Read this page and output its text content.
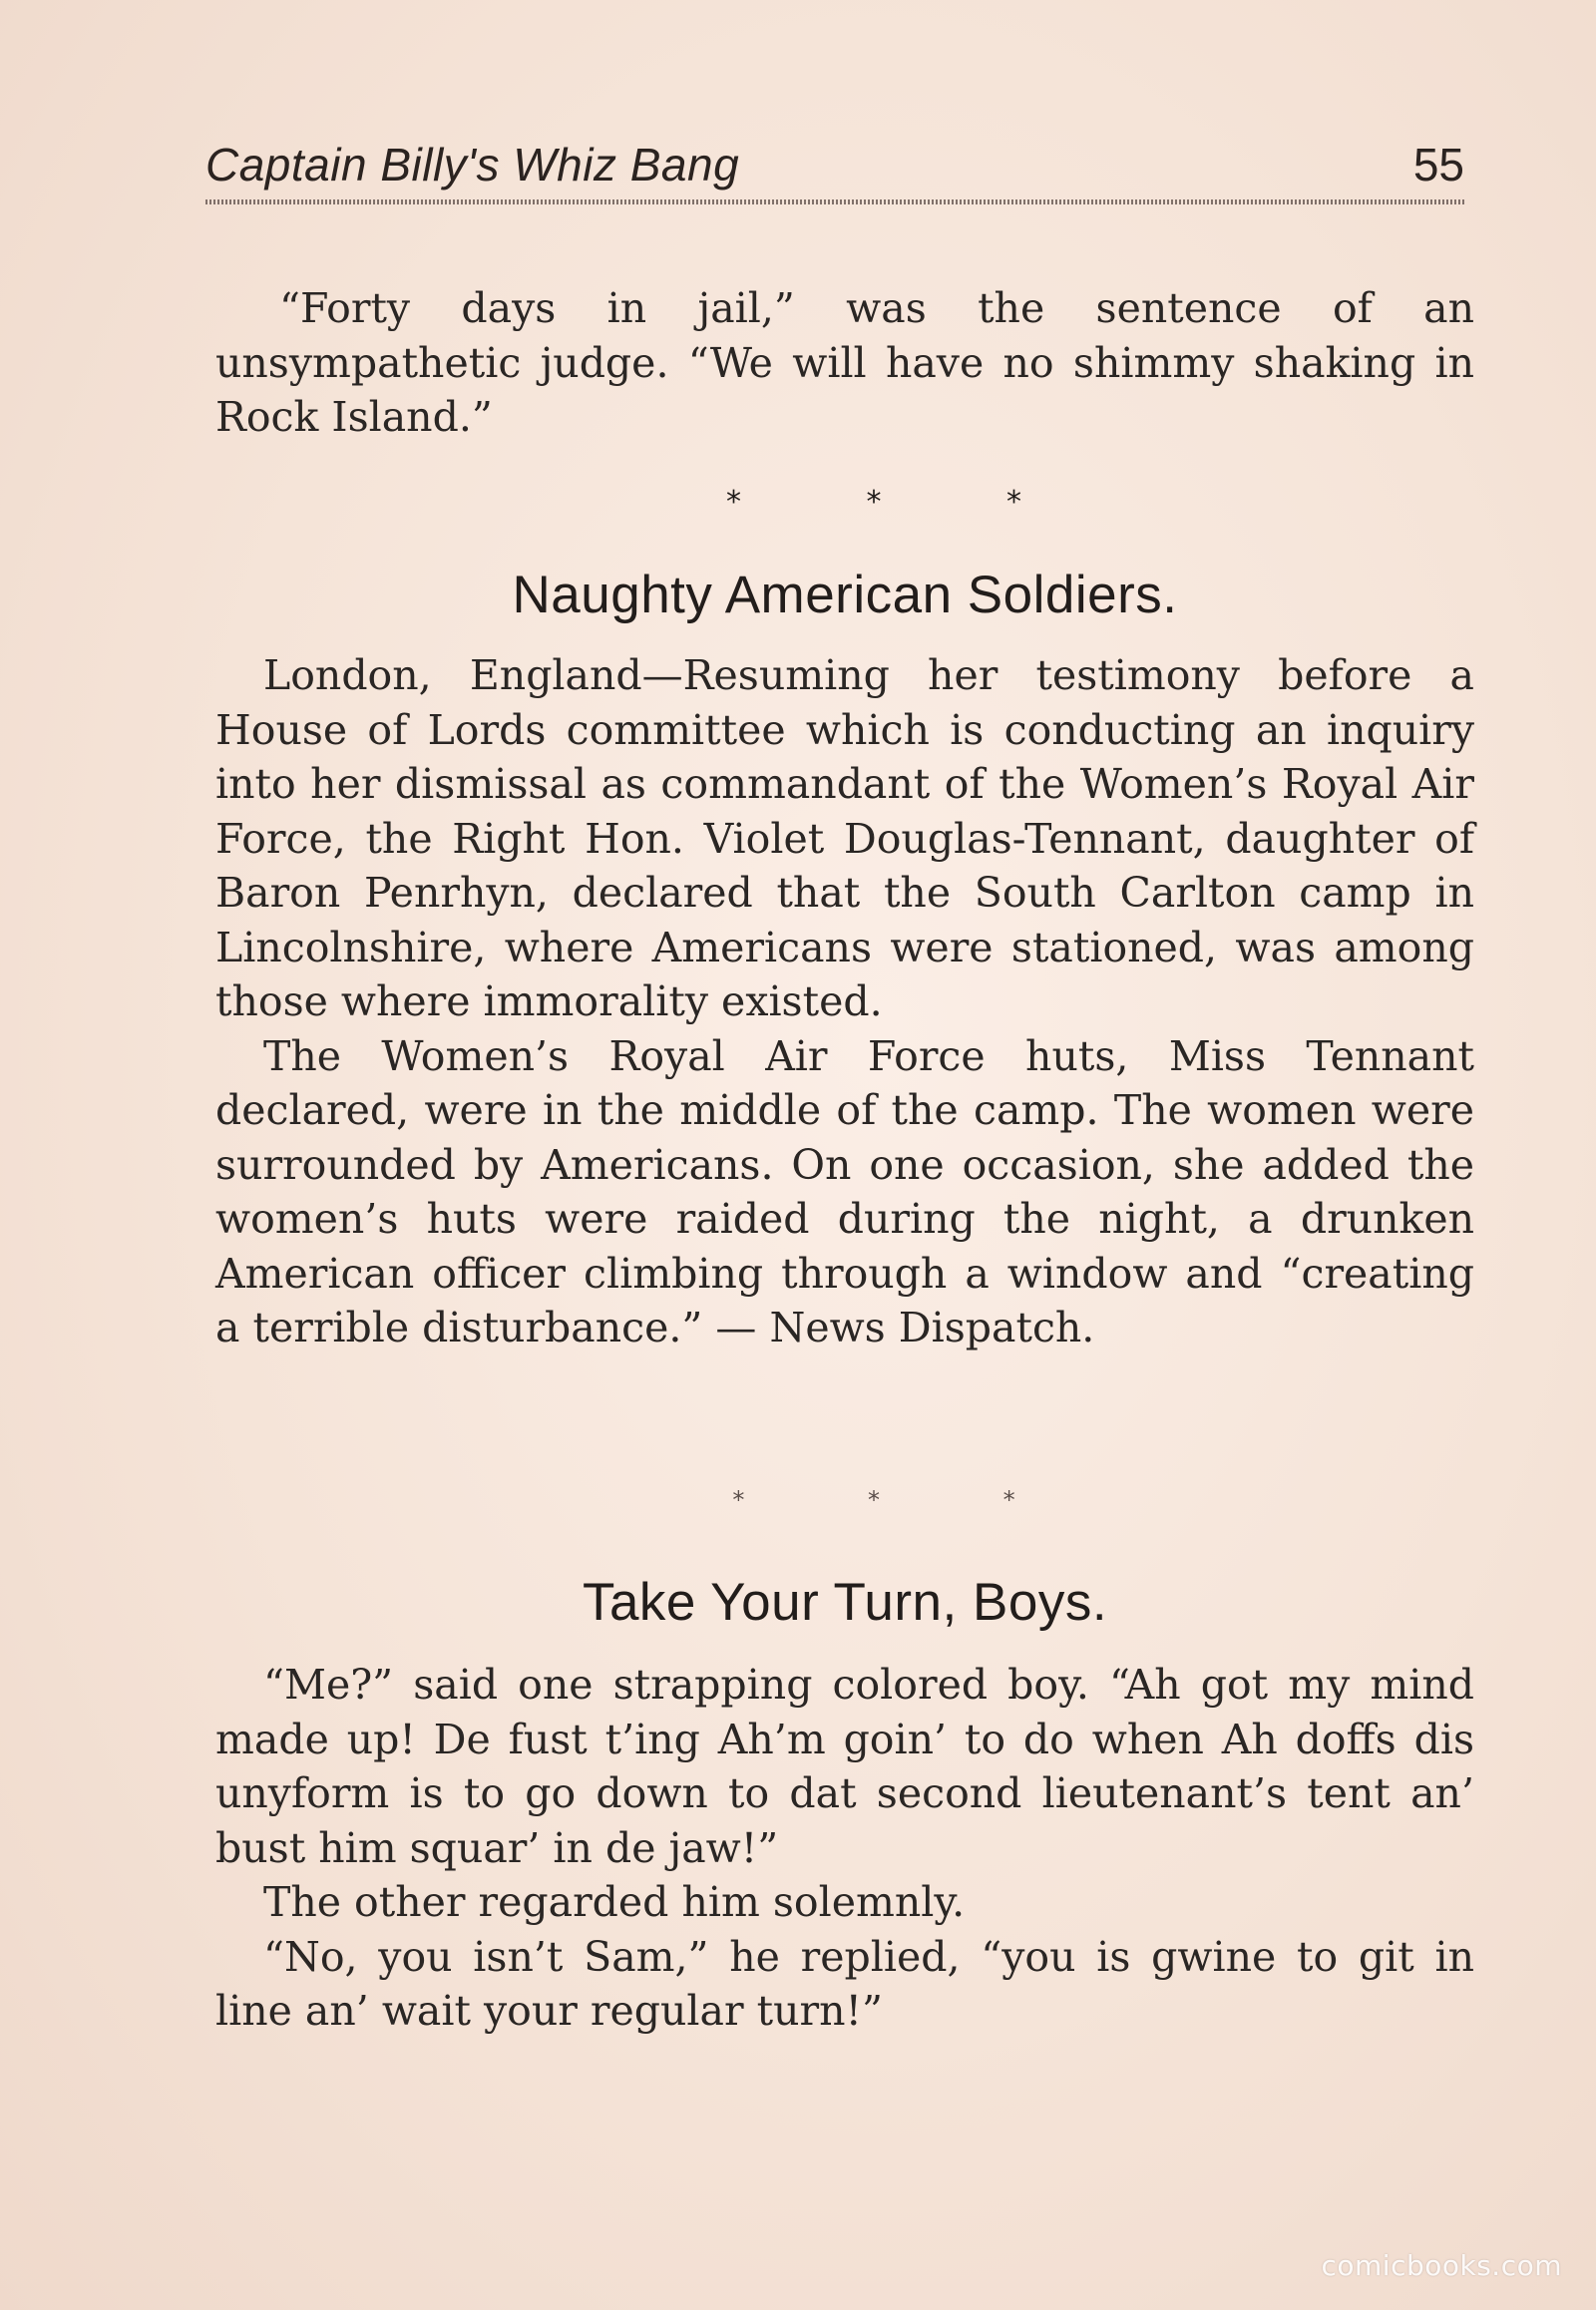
Captain Billy's Whiz Bang	55

“Forty days in jail,” was the sentence of an unsympathetic judge. “We will have no shimmy shaking in Rock Island.”

* * *
Naughty American Soldiers.

London, England—Resuming her testimony before a House of Lords committee which is conducting an inquiry into her dismissal as commandant of the Women’s Royal Air Force, the Right Hon. Violet Douglas-Tennant, daughter of Baron Penrhyn, declared that the South Carlton camp in Lincolnshire, where Americans were stationed, was among those where immorality existed.

The Women’s Royal Air Force huts, Miss Tennant declared, were in the middle of the camp. The women were surrounded by Americans. On one occasion, she added the women’s huts were raided during the night, a drunken American officer climbing through a window and “creating a terrible disturbance.” — News Dispatch.

* * *
Take Your Turn, Boys.

“Me?” said one strapping colored boy. “Ah got my mind made up! De fust t’ing Ah’m goin’ to do when Ah doffs dis unyform is to go down to dat second lieutenant’s tent an’ bust him squar’ in de jaw!”

The other regarded him solemnly.

“No, you isn’t Sam,” he replied, “you is gwine to git in line an’ wait your regular turn!”

comicbooks.com
